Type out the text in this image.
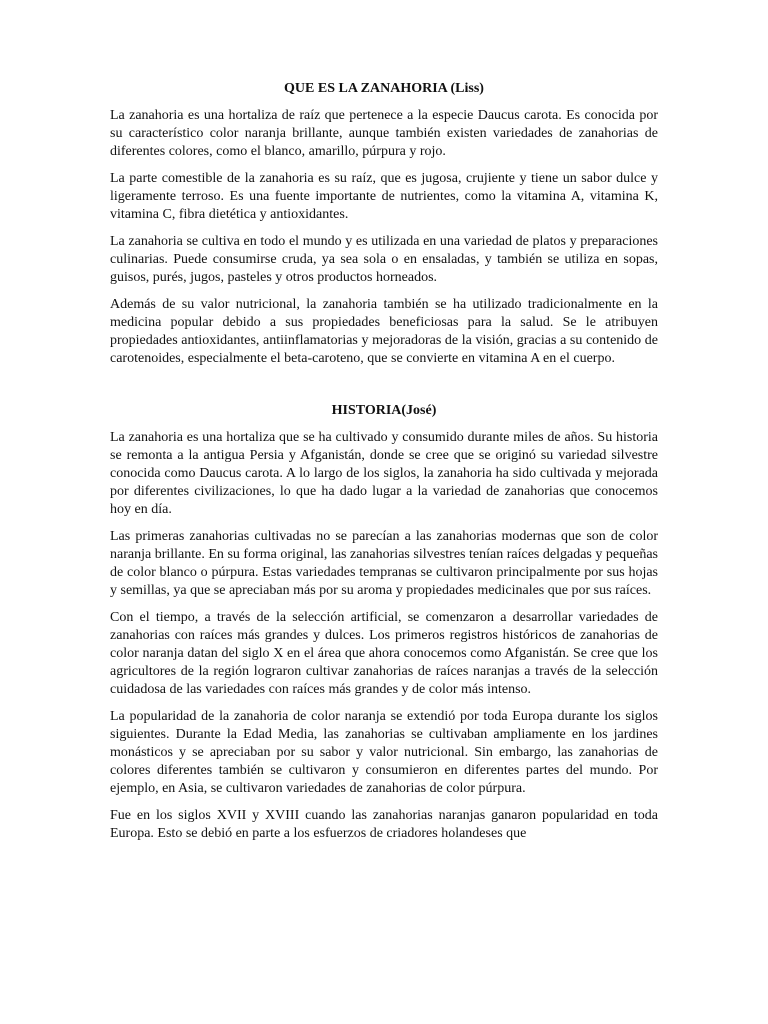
QUE ES LA ZANAHORIA (Liss)

La zanahoria es una hortaliza de raíz que pertenece a la especie Daucus carota. Es conocida por su característico color naranja brillante, aunque también existen variedades de zanahorias de diferentes colores, como el blanco, amarillo, púrpura y rojo.

La parte comestible de la zanahoria es su raíz, que es jugosa, crujiente y tiene un sabor dulce y ligeramente terroso. Es una fuente importante de nutrientes, como la vitamina A, vitamina K, vitamina C, fibra dietética y antioxidantes.

La zanahoria se cultiva en todo el mundo y es utilizada en una variedad de platos y preparaciones culinarias. Puede consumirse cruda, ya sea sola o en ensaladas, y también se utiliza en sopas, guisos, purés, jugos, pasteles y otros productos horneados.

Además de su valor nutricional, la zanahoria también se ha utilizado tradicionalmente en la medicina popular debido a sus propiedades beneficiosas para la salud. Se le atribuyen propiedades antioxidantes, antiinflamatorias y mejoradoras de la visión, gracias a su contenido de carotenoides, especialmente el beta-caroteno, que se convierte en vitamina A en el cuerpo.

HISTORIA(José)

La zanahoria es una hortaliza que se ha cultivado y consumido durante miles de años. Su historia se remonta a la antigua Persia y Afganistán, donde se cree que se originó su variedad silvestre conocida como Daucus carota. A lo largo de los siglos, la zanahoria ha sido cultivada y mejorada por diferentes civilizaciones, lo que ha dado lugar a la variedad de zanahorias que conocemos hoy en día.

Las primeras zanahorias cultivadas no se parecían a las zanahorias modernas que son de color naranja brillante. En su forma original, las zanahorias silvestres tenían raíces delgadas y pequeñas de color blanco o púrpura. Estas variedades tempranas se cultivaron principalmente por sus hojas y semillas, ya que se apreciaban más por su aroma y propiedades medicinales que por sus raíces.

Con el tiempo, a través de la selección artificial, se comenzaron a desarrollar variedades de zanahorias con raíces más grandes y dulces. Los primeros registros históricos de zanahorias de color naranja datan del siglo X en el área que ahora conocemos como Afganistán. Se cree que los agricultores de la región lograron cultivar zanahorias de raíces naranjas a través de la selección cuidadosa de las variedades con raíces más grandes y de color más intenso.

La popularidad de la zanahoria de color naranja se extendió por toda Europa durante los siglos siguientes. Durante la Edad Media, las zanahorias se cultivaban ampliamente en los jardines monásticos y se apreciaban por su sabor y valor nutricional. Sin embargo, las zanahorias de colores diferentes también se cultivaron y consumieron en diferentes partes del mundo. Por ejemplo, en Asia, se cultivaron variedades de zanahorias de color púrpura.

Fue en los siglos XVII y XVIII cuando las zanahorias naranjas ganaron popularidad en toda Europa. Esto se debió en parte a los esfuerzos de criadores holandeses que
